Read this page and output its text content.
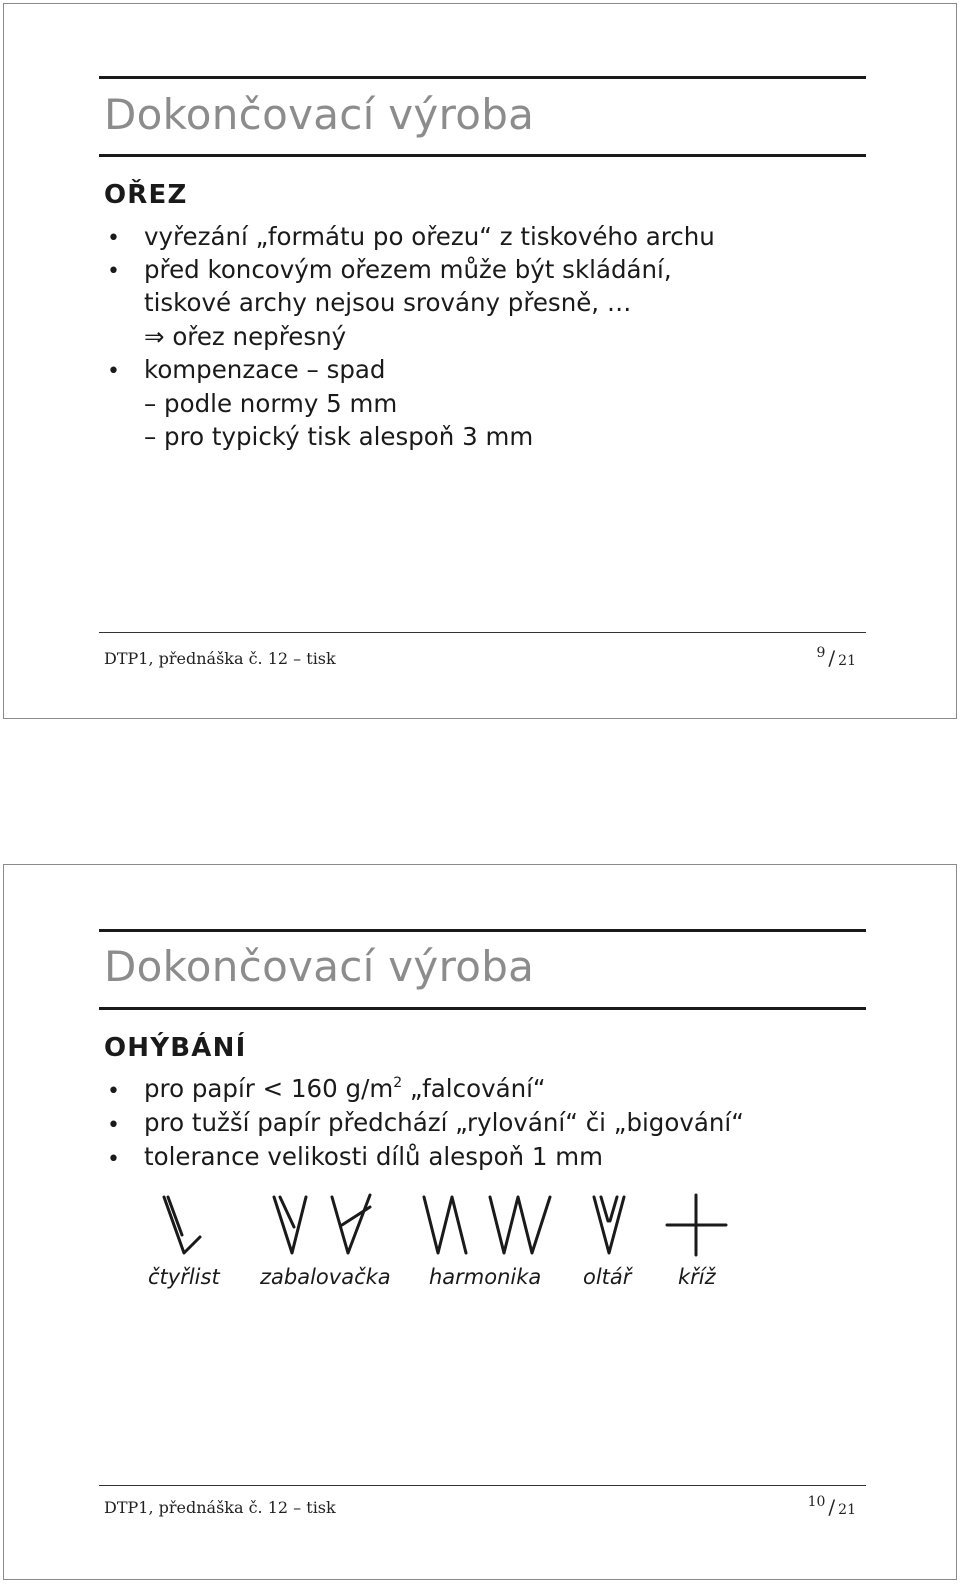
Dokončovací výroba
OŘEZ
• vyřezání „formátu po ořezu“ z tiskového archu
• před koncovým ořezem může být skládání,
tiskové archy nejsou srovány přesně, …
⇒ ořez nepřesný
• kompenzace – spad
– podle normy 5 mm
– pro typický tisk alespoň 3 mm
DTP1, přednáška č. 12 – tisk	9 / 21
Dokončovací výroba
OHÝBÁNÍ
• pro papír < 160 $g/m^2$ „falcování“
• pro tužší papír předchází „rylování“ či „bigování“
• tolerance velikosti dílů alespoň 1 mm
čtyřlist zabalovačka harmonika oltář kříž
DTP1, přednáška č. 12 – tisk	10 / 21
